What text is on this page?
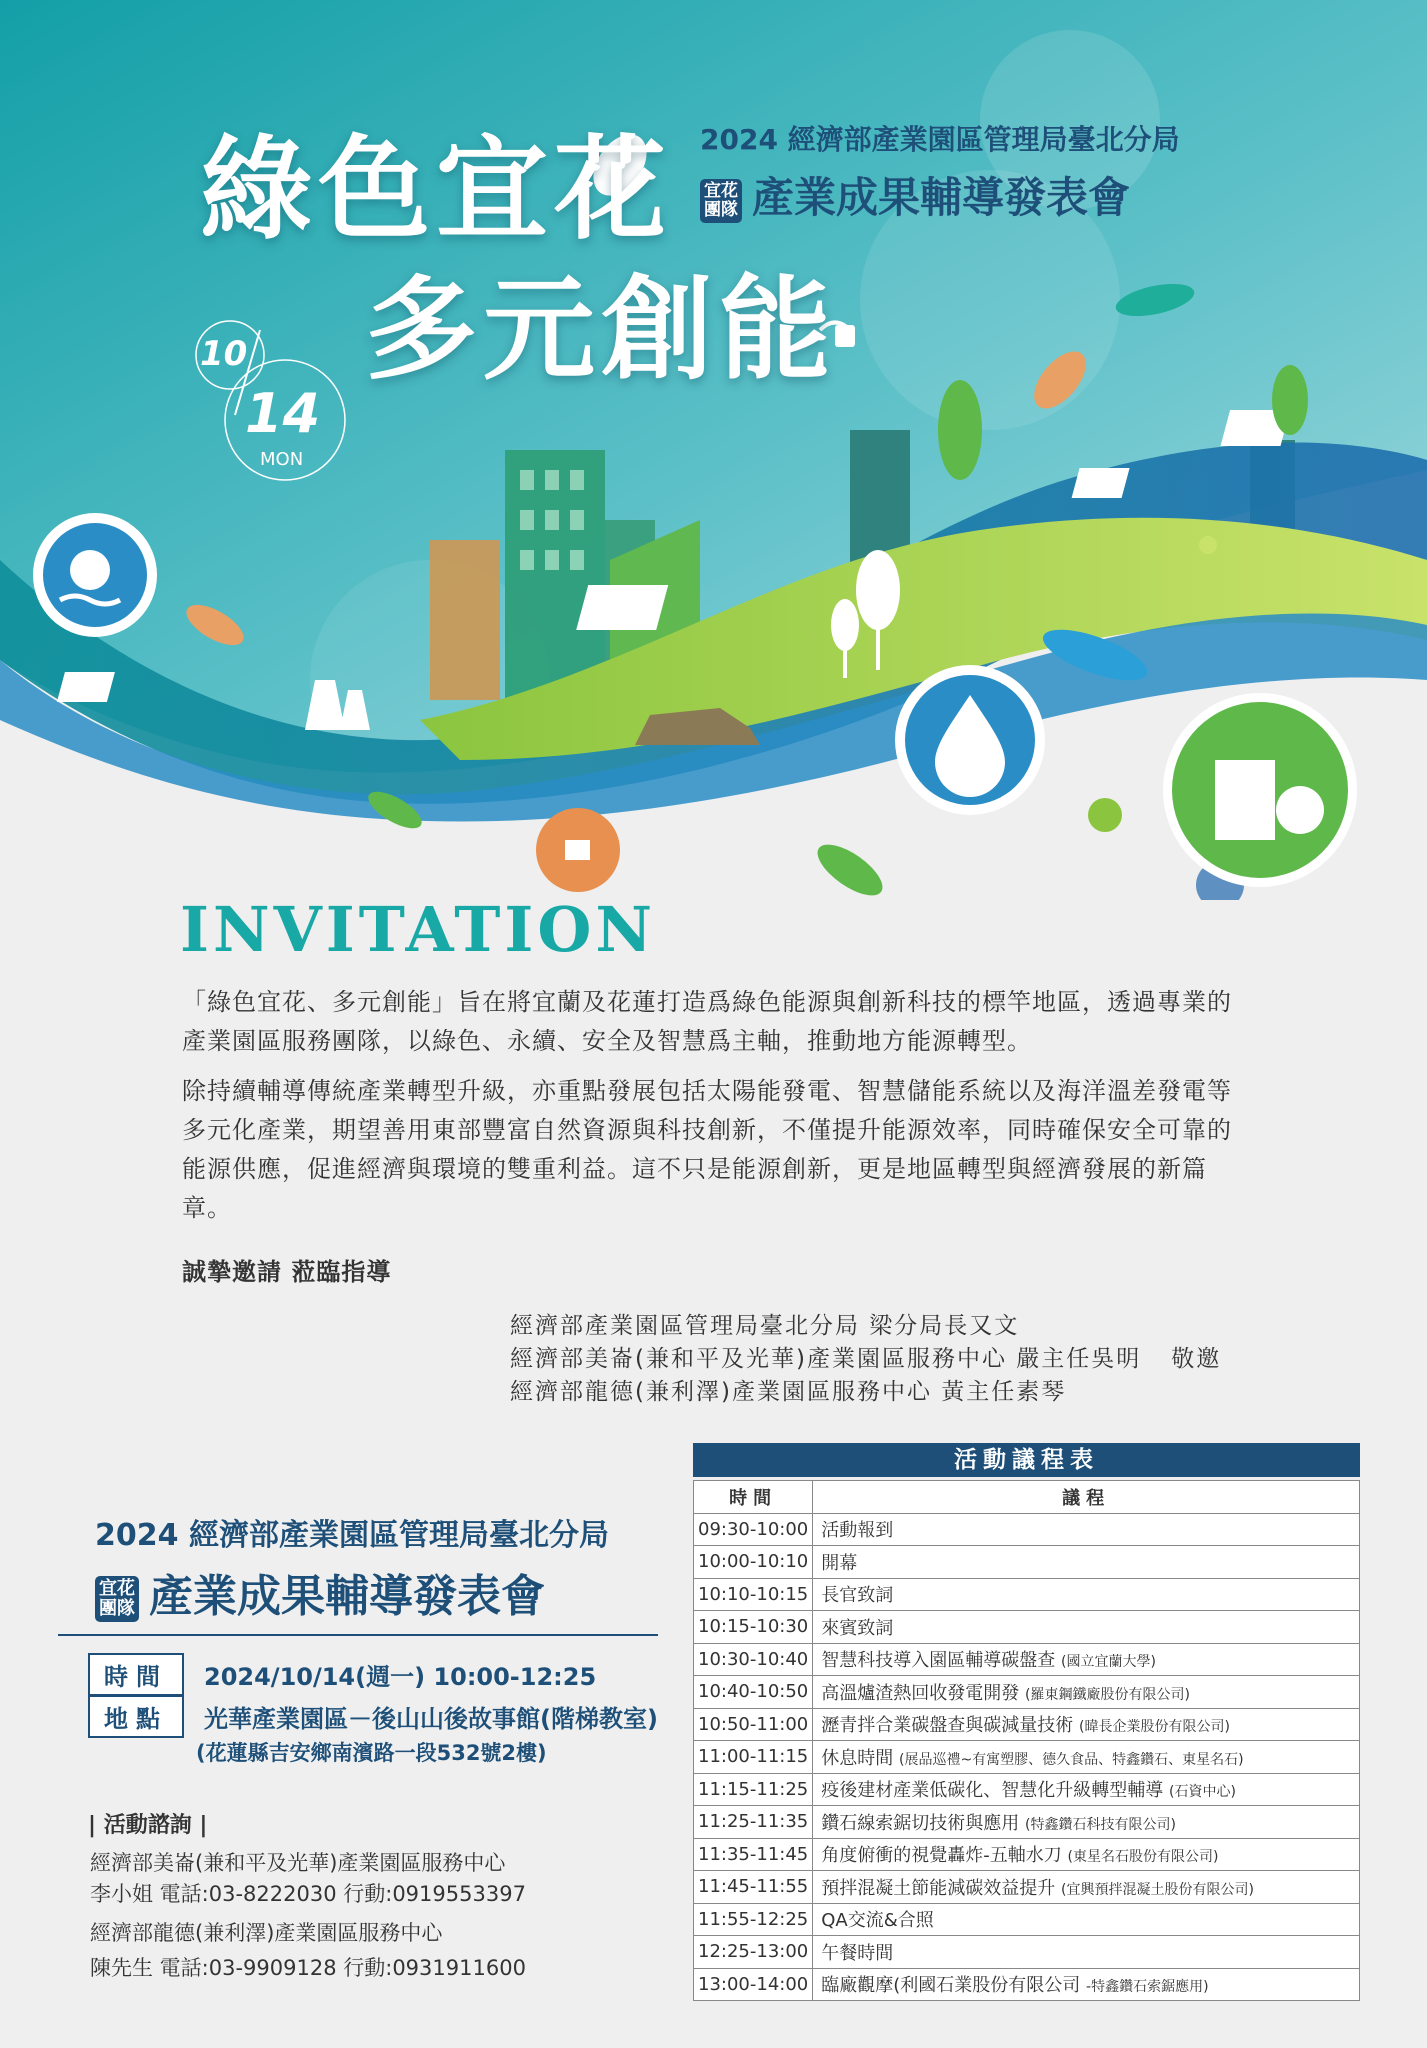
綠色宜花
多元創能
2024 經濟部產業園區管理局臺北分局
宜花
團隊 產業成果輔導發表會
10
14
MON
INVITATION
「綠色宜花、多元創能」旨在將宜蘭及花蓮打造爲綠色能源與創新科技的標竿地區，透過專業的產業園區服務團隊，以綠色、永續、安全及智慧爲主軸，推動地方能源轉型。
除持續輔導傳統產業轉型升級，亦重點發展包括太陽能發電、智慧儲能系統以及海洋溫差發電等多元化產業，期望善用東部豐富自然資源與科技創新，不僅提升能源效率，同時確保安全可靠的能源供應，促進經濟與環境的雙重利益。這不只是能源創新，更是地區轉型與經濟發展的新篇章。
誠摯邀請 蒞臨指導
經濟部產業園區管理局臺北分局 梁分局長又文
經濟部美崙(兼和平及光華)產業園區服務中心 嚴主任吳明 敬邀
經濟部龍德(兼利澤)產業園區服務中心 黃主任素琴
2024 經濟部產業園區管理局臺北分局
宜花
團隊 產業成果輔導發表會
時間 2024/10/14(週一) 10:00-12:25
地點 光華產業園區－後山山後故事館(階梯教室)
(花蓮縣吉安鄉南濱路一段532號2樓)
| 活動諮詢 |
經濟部美崙(兼和平及光華)產業園區服務中心
李小姐 電話:03-8222030 行動:0919553397
經濟部龍德(兼利澤)產業園區服務中心
陳先生 電話:03-9909128 行動:0931911600
活動議程表
時間	議程
09:30-10:00	活動報到
10:00-10:10	開幕
10:10-10:15	長官致詞
10:15-10:30	來賓致詞
10:30-10:40	智慧科技導入園區輔導碳盤查 (國立宜蘭大學)
10:40-10:50	高溫爐渣熱回收發電開發 (羅東鋼鐵廠股份有限公司)
10:50-11:00	瀝青拌合業碳盤查與碳減量技術 (暐長企業股份有限公司)
11:00-11:15	休息時間 (展品巡禮~有寓塑膠、德久食品、特鑫鑽石、東星名石)
11:15-11:25	疫後建材產業低碳化、智慧化升級轉型輔導 (石資中心)
11:25-11:35	鑽石線索鋸切技術與應用 (特鑫鑽石科技有限公司)
11:35-11:45	角度俯衝的視覺轟炸-五軸水刀 (東星名石股份有限公司)
11:45-11:55	預拌混凝土節能減碳效益提升 (宜興預拌混凝土股份有限公司)
11:55-12:25	QA交流&合照
12:25-13:00	午餐時間
13:00-14:00	臨廠觀摩(利國石業股份有限公司 -特鑫鑽石索鋸應用)
